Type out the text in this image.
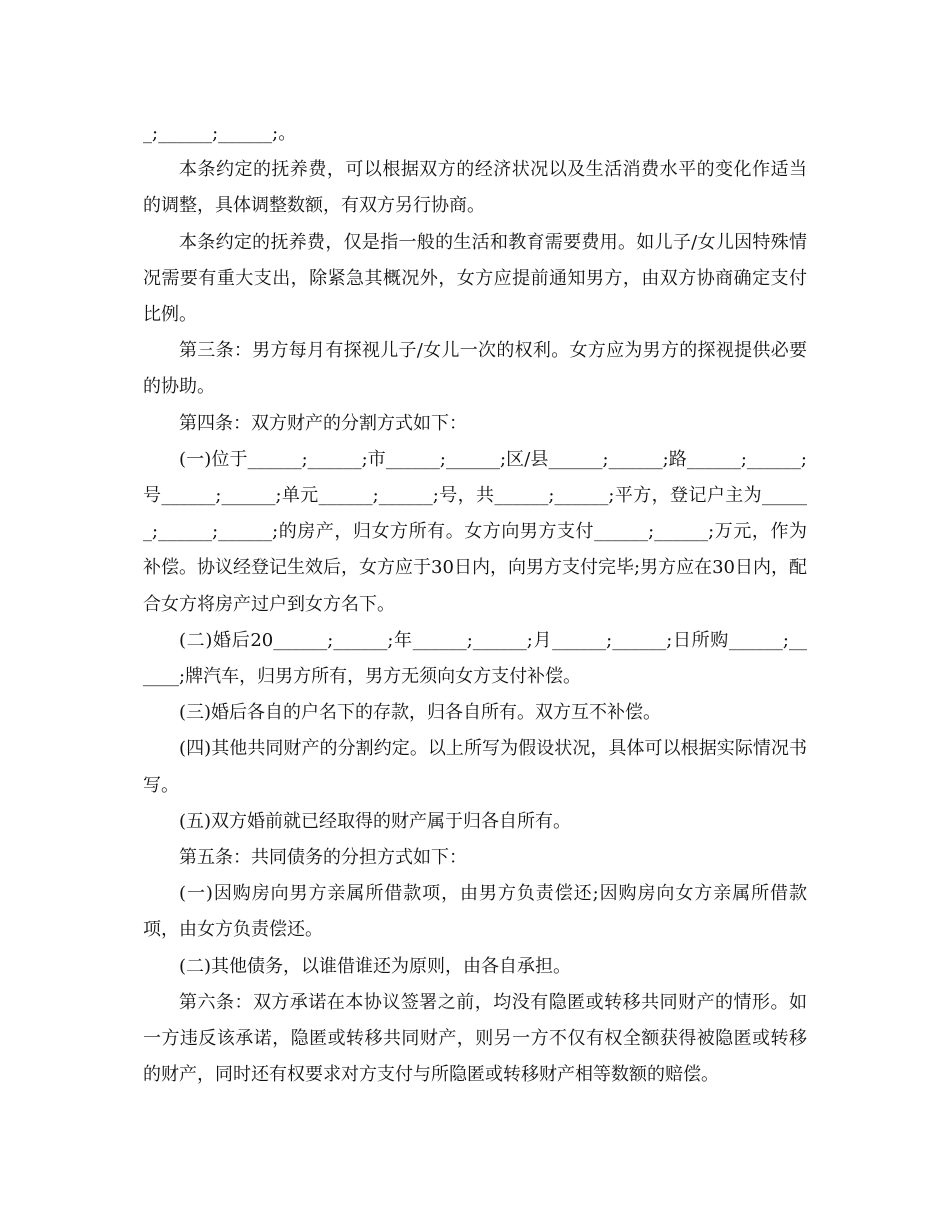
_;______;______;。

本条约定的抚养费，可以根据双方的经济状况以及生活消费水平的变化作适当的调整，具体调整数额，有双方另行协商。

本条约定的抚养费，仅是指一般的生活和教育需要费用。如儿子/女儿因特殊情况需要有重大支出，除紧急其概况外，女方应提前通知男方，由双方协商确定支付比例。

第三条：男方每月有探视儿子/女儿一次的权利。女方应为男方的探视提供必要的协助。

第四条：双方财产的分割方式如下：

(一)位于______;______;市______;______;区/县______;______;路______;______;号______;______;单元______;______;号，共______;______;平方，登记户主为______;______;______;的房产，归女方所有。女方向男方支付______;______;万元，作为补偿。协议经登记生效后，女方应于30日内，向男方支付完毕;男方应在30日内，配合女方将房产过户到女方名下。

(二)婚后20______;______;年______;______;月______;______;日所购______;______;牌汽车，归男方所有，男方无须向女方支付补偿。

(三)婚后各自的户名下的存款，归各自所有。双方互不补偿。

(四)其他共同财产的分割约定。以上所写为假设状况，具体可以根据实际情况书写。

(五)双方婚前就已经取得的财产属于归各自所有。

第五条：共同债务的分担方式如下：

(一)因购房向男方亲属所借款项，由男方负责偿还;因购房向女方亲属所借款项，由女方负责偿还。

(二)其他债务，以谁借谁还为原则，由各自承担。

第六条：双方承诺在本协议签署之前，均没有隐匿或转移共同财产的情形。如一方违反该承诺，隐匿或转移共同财产，则另一方不仅有权全额获得被隐匿或转移的财产，同时还有权要求对方支付与所隐匿或转移财产相等数额的赔偿。
